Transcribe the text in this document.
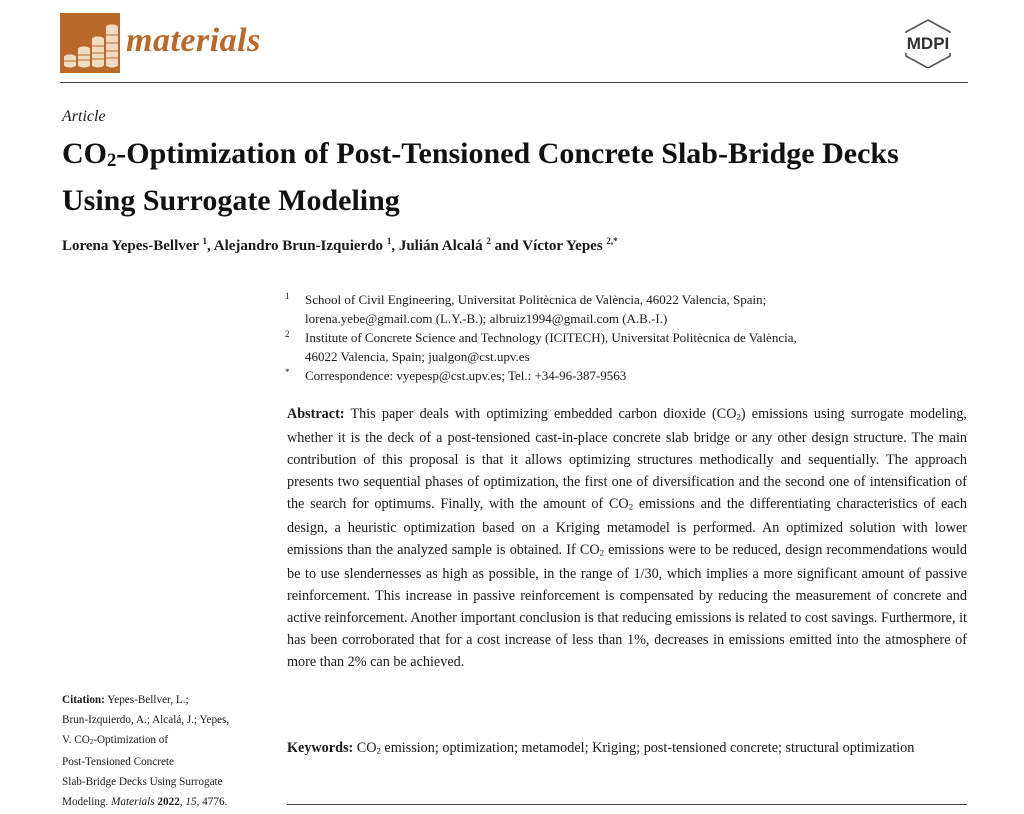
materials	MDPI
Article
CO2-Optimization of Post-Tensioned Concrete Slab-Bridge Decks Using Surrogate Modeling
Lorena Yepes-Bellver $^1$, Alejandro Brun-Izquierdo $^1$, Julián Alcalá $^2$ and Víctor Yepes $^{2,*}$
1 School of Civil Engineering, Universitat Politècnica de València, 46022 Valencia, Spain;
lorena.yebe@gmail.com (L.Y.-B.); albruiz1994@gmail.com (A.B.-I.)
2 Institute of Concrete Science and Technology (ICITECH), Universitat Politècnica de València,
46022 Valencia, Spain; jualgon@cst.upv.es
* Correspondence: vyepesp@cst.upv.es; Tel.: +34-96-387-9563
Abstract: This paper deals with optimizing embedded carbon dioxide (CO2) emissions using surrogate modeling, whether it is the deck of a post-tensioned cast-in-place concrete slab bridge or any other design structure. The main contribution of this proposal is that it allows optimizing structures methodically and sequentially. The approach presents two sequential phases of optimization, the first one of diversification and the second one of intensification of the search for optimums. Finally, with the amount of CO2 emissions and the differentiating characteristics of each design, a heuristic optimization based on a Kriging metamodel is performed. An optimized solution with lower emissions than the analyzed sample is obtained. If CO2 emissions were to be reduced, design recommendations would be to use slendernesses as high as possible, in the range of 1/30, which implies a more significant amount of passive reinforcement. This increase in passive reinforcement is compensated by reducing the measurement of concrete and active reinforcement. Another important conclusion is that reducing emissions is related to cost savings. Furthermore, it has been corroborated that for a cost increase of less than 1%, decreases in emissions emitted into the atmosphere of more than 2% can be achieved.
Keywords: CO2 emission; optimization; metamodel; Kriging; post-tensioned concrete; structural optimization
Citation: Yepes-Bellver, L.;
Brun-Izquierdo, A.; Alcalá, J.; Yepes,
V. CO2-Optimization of
Post-Tensioned Concrete
Slab-Bridge Decks Using Surrogate
Modeling. Materials 2022, 15, 4776.
